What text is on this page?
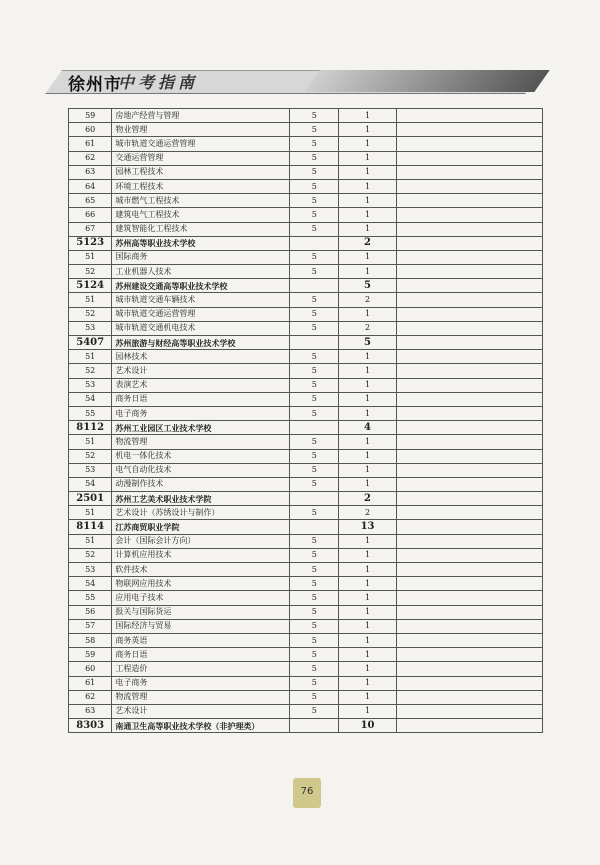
徐州市
中考指南
59	房地产经营与管理	5	1	
60	物业管理	5	1	
61	城市轨道交通运营管理	5	1	
62	交通运营管理	5	1	
63	园林工程技术	5	1	
64	环境工程技术	5	1	
65	城市燃气工程技术	5	1	
66	建筑电气工程技术	5	1	
67	建筑智能化工程技术	5	1	
5123	苏州高等职业技术学校		2	
51	国际商务	5	1	
52	工业机器人技术	5	1	
5124	苏州建设交通高等职业技术学校		5	
51	城市轨道交通车辆技术	5	2	
52	城市轨道交通运营管理	5	1	
53	城市轨道交通机电技术	5	2	
5407	苏州旅游与财经高等职业技术学校		5	
51	园林技术	5	1	
52	艺术设计	5	1	
53	表演艺术	5	1	
54	商务日语	5	1	
55	电子商务	5	1	
8112	苏州工业园区工业技术学校		4	
51	物流管理	5	1	
52	机电一体化技术	5	1	
53	电气自动化技术	5	1	
54	动漫制作技术	5	1	
2501	苏州工艺美术职业技术学院		2	
51	艺术设计（苏绣设计与制作）	5	2	
8114	江苏商贸职业学院		13	
51	会计（国际会计方向）	5	1	
52	计算机应用技术	5	1	
53	软件技术	5	1	
54	物联网应用技术	5	1	
55	应用电子技术	5	1	
56	报关与国际货运	5	1	
57	国际经济与贸易	5	1	
58	商务英语	5	1	
59	商务日语	5	1	
60	工程造价	5	1	
61	电子商务	5	1	
62	物流管理	5	1	
63	艺术设计	5	1	
8303	南通卫生高等职业技术学校（非护理类）		10	
76
